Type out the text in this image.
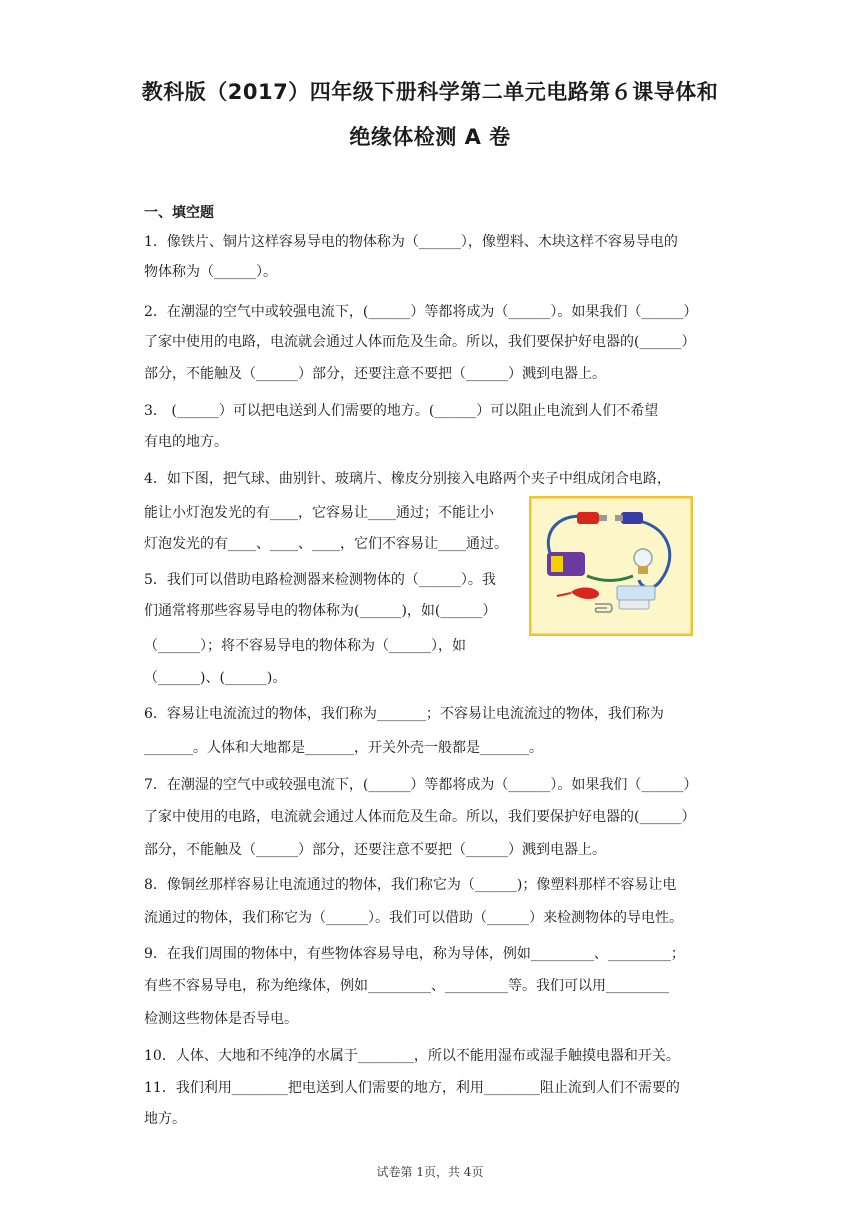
教科版（2017）四年级下册科学第二单元电路第６课导体和
绝缘体检测 A 卷
一、填空题
1．像铁片、铜片这样容易导电的物体称为（______），像塑料、木块这样不容易导电的
物体称为（______）。
2．在潮湿的空气中或较强电流下，(______）等都将成为（______）。如果我们（______）
了家中使用的电路，电流就会通过人体而危及生命。所以，我们要保护好电器的(______）
部分，不能触及（______）部分，还要注意不要把（______）溅到电器上。
3． (______）可以把电送到人们需要的地方。(______）可以阻止电流到人们不希望
有电的地方。
4．如下图，把气球、曲别针、玻璃片、橡皮分别接入电路两个夹子中组成闭合电路，
能让小灯泡发光的有____，它容易让____通过；不能让小
灯泡发光的有____、____、____，它们不容易让____通过。
5．我们可以借助电路检测器来检测物体的（______）。我
们通常将那些容易导电的物体称为(______)，如(______）
（______）；将不容易导电的物体称为（______），如
（______)、(______)。
6．容易让电流流过的物体，我们称为_______；不容易让电流流过的物体，我们称为
_______。人体和大地都是_______，开关外壳一般都是_______。
7．在潮湿的空气中或较强电流下，(______）等都将成为（______）。如果我们（______）
了家中使用的电路，电流就会通过人体而危及生命。所以，我们要保护好电器的(______）
部分，不能触及（______）部分，还要注意不要把（______）溅到电器上。
8．像铜丝那样容易让电流通过的物体，我们称它为（______)；像塑料那样不容易让电
流通过的物体，我们称它为（______）。我们可以借助（______）来检测物体的导电性。
9．在我们周围的物体中，有些物体容易导电，称为导体，例如_________、_________；
有些不容易导电，称为绝缘体，例如_________、_________等。我们可以用_________
检测这些物体是否导电。
10．人体、大地和不纯净的水属于________，所以不能用湿布或湿手触摸电器和开关。
11．我们利用________把电送到人们需要的地方，利用________阻止流到人们不需要的
地方。
试卷第 1页，共 4页
